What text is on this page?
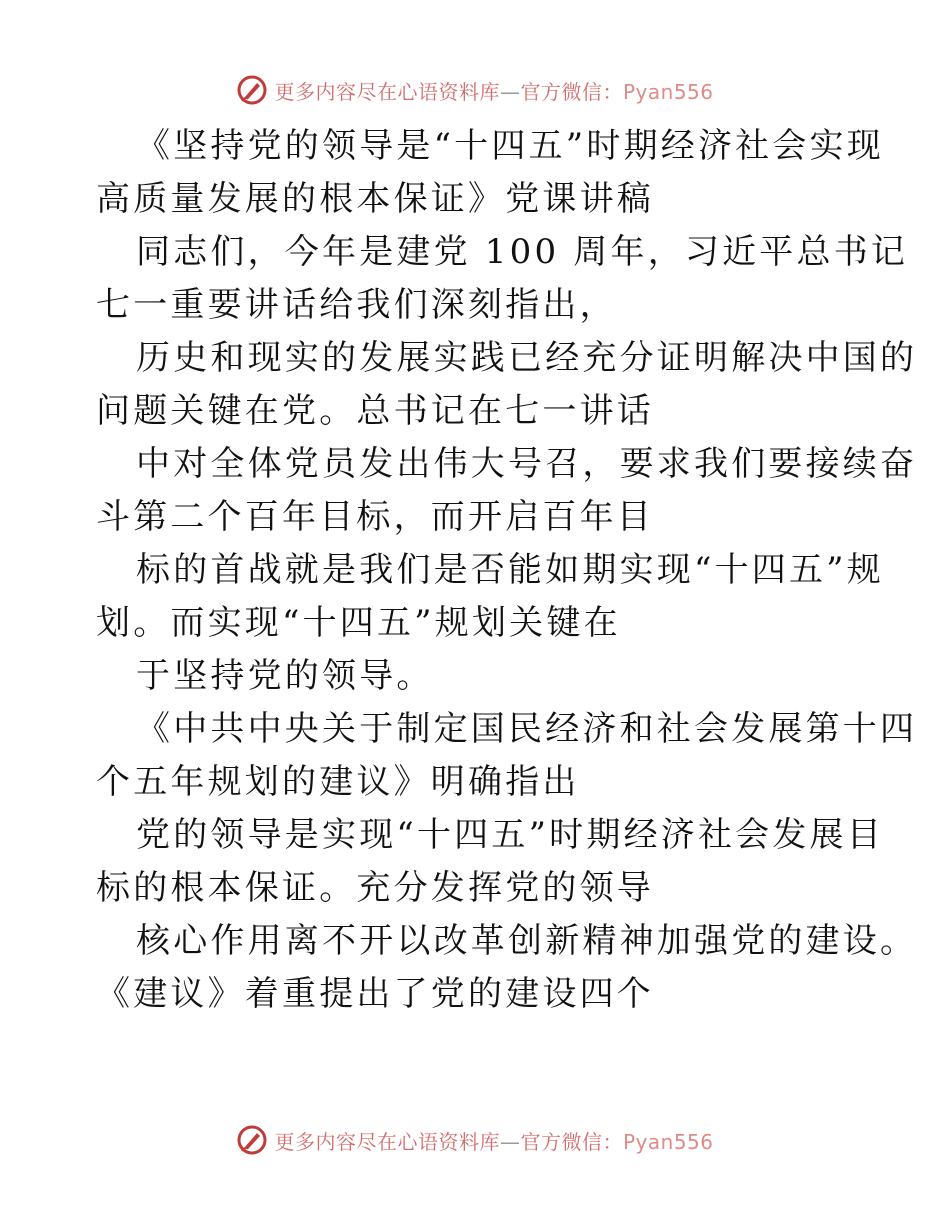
更多内容尽在心语资料库—官方微信：Pyan556
《坚持党的领导是“十四五”时期经济社会实现
高质量发展的根本保证》党课讲稿
同志们，今年是建党 100 周年，习近平总书记
七一重要讲话给我们深刻指出，
历史和现实的发展实践已经充分证明解决中国的
问题关键在党。总书记在七一讲话
中对全体党员发出伟大号召，要求我们要接续奋
斗第二个百年目标，而开启百年目
标的首战就是我们是否能如期实现“十四五”规
划。而实现“十四五”规划关键在
于坚持党的领导。
《中共中央关于制定国民经济和社会发展第十四
个五年规划的建议》明确指出
党的领导是实现“十四五”时期经济社会发展目
标的根本保证。充分发挥党的领导
核心作用离不开以改革创新精神加强党的建设。
《建议》着重提出了党的建设四个
更多内容尽在心语资料库—官方微信：Pyan556
